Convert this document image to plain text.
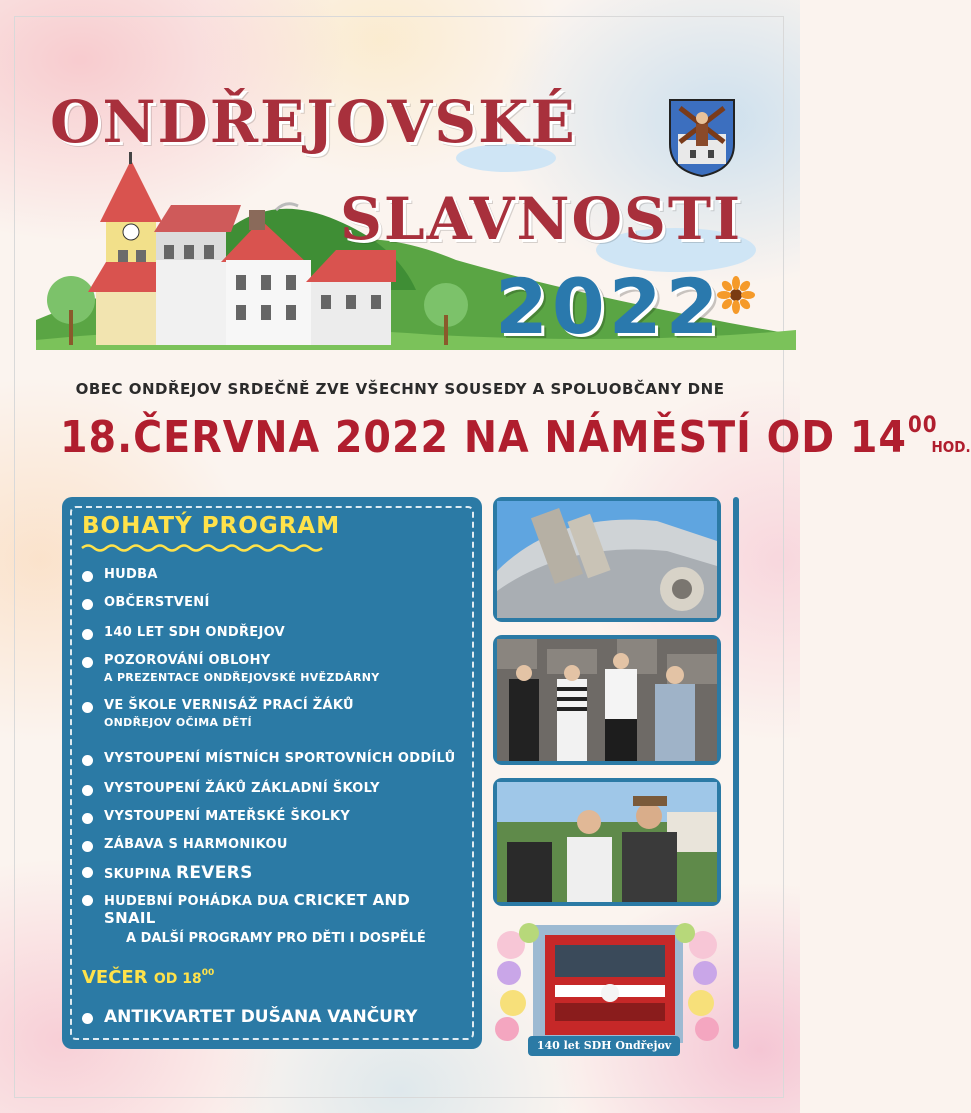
ONDŘEJOVSKÉ
SLAVNOSTI
2022
OBEC ONDŘEJOV SRDEČNĚ ZVE VŠECHNY SOUSEDY A SPOLUOBČANY DNE
18.ČERVNA 2022 NA NÁMĚSTÍ OD $14^{00}HOD$.
BOHATÝ PROGRAM
HUDBA
OBČERSTVENÍ
140 LET SDH ONDŘEJOV
POZOROVÁNÍ OBLOHY
A PREZENTACE ONDŘEJOVSKÉ HVĚZDÁRNY
VE ŠKOLE VERNISÁŽ PRACÍ ŽÁKŮ
ONDŘEJOV OČIMA DĚTÍ
VYSTOUPENÍ MÍSTNÍCH SPORTOVNÍCH ODDÍLŮ
VYSTOUPENÍ ŽÁKŮ ZÁKLADNÍ ŠKOLY
VYSTOUPENÍ MATEŘSKÉ ŠKOLKY
ZÁBAVA S HARMONIKOU
SKUPINA REVERS
HUDEBNÍ POHÁDKA DUA CRICKET AND SNAIL
A DALŠÍ PROGRAMY PRO DĚTI I DOSPĚLÉ
VEČER OD $18^{00}$
ANTIKVARTET DUŠANA VANČURY
140 let SDH Ondřejov
